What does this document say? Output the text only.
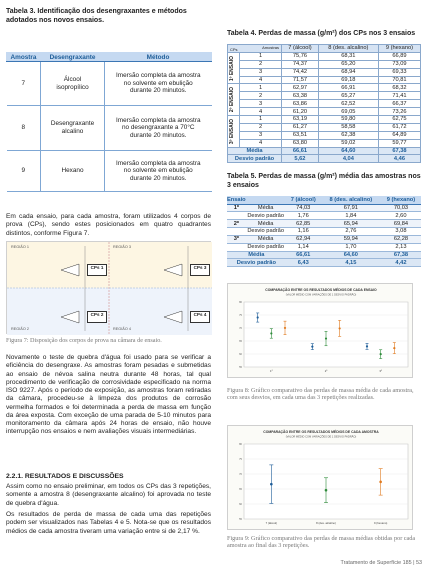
Tabela 3. Identificação dos desengraxantes e métodos adotados nos novos ensaios.
Amostra	Desengraxante	Método
7	Álcool isopropílico	Imersão completa da amostra no solvente em ebulição durante 20 minutos.
8	Desengraxante alcalino	Imersão completa da amostra no desengraxante a 70°C durante 20 minutos.
9	Hexano	Imersão completa da amostra no solvente em ebulição durante 20 minutos.
Em cada ensaio, para cada amostra, foram utilizados 4 corpos de prova (CPs), sendo estes posicionados em quatro quadrantes distintos, conforme Figura 7.
REGIÃO 1	REGIÃO 3
REGIÃO 2	REGIÃO 4
CPs 1	CPs 3
CPs 2	CPs 4
Figura 7: Disposição dos corpos de prova na câmara de ensaio.
Novamente o teste de quebra d'água foi usado para se verificar a eficiência do desengraxe. As amostras foram pesadas e submetidas ao ensaio de névoa salina neutra durante 48 horas, tal qual procedimento de verificação de corrosividade especificado na norma ISO 9227. Após o período de exposição, as amostras foram retiradas da câmara, procedeu-se à limpeza dos produtos de corrosão vermelha formados e foi determinada a perda de massa em função da área exposta. Com exceção de uma parada de 5-10 minutos para monitoramento da câmara após 24 horas de ensaio, não houve interrupção nos ensaios e nem avaliações visuais intermediárias.
2.2.1. RESULTADOS E DISCUSSÕES
Assim como no ensaio preliminar, em todos os CPs das 3 repetições, somente a amostra 8 (desengraxante alcalino) foi aprovada no teste de quebra d'água.
Os resultados de perda de massa de cada uma das repetições podem ser visualizados nas Tabelas 4 e 5. Nota-se que os resultados médios de cada amostra tiveram uma variação entre si de 2,17 %.
Tabela 4. Perdas de massa (g/m²) dos CPs nos 3 ensaios
Amostras
CPs		7 (álcool)	8 (des. alcalino)	9 (hexano)

1º ENSAIO	1	75,76	68,31	66,89
	2	74,37	65,20	73,09
	3	74,42	68,94	69,33
	4	71,57	69,18	70,81

2º ENSAIO	1	62,97	66,91	68,32
	2	63,38	65,27	71,41
	3	63,86	62,52	66,37
	4	61,20	69,05	73,26

3º ENSAIO	1	63,19	59,80	62,75
	2	61,27	58,58	61,72
	3	63,51	62,38	64,89
	4	63,80	59,02	59,77
Média		66,61	64,60	67,38
Desvio padrão		5,62	4,04	4,46
Tabela 5. Perdas de massa (g/m²) média das amostras nos 3 ensaios
Ensaio		7 (álcool)	8 (des. alcalino)	9 (hexano)
1º	Média	74,03	67,91	70,03
	Desvio padrão	1,76	1,84	2,60
2º	Média	62,85	65,94	69,84
	Desvio padrão	1,16	2,76	3,08
3º	Média	62,94	59,94	62,28
	Desvio padrão	1,14	1,70	2,13
Média		66,61	64,60	67,38
Desvio padrão		6,43	4,15	4,42
COMPARAÇÃO ENTRE OS RESULTADOS MÉDIOS DE CADA ENSAIO
(VALOR MÉDIO COM VARIAÇÕES DE 1 DESVIO PADRÃO)
55
60
65
70
75
80
1º	2º	3º
Figura 8: Gráfico comparativo das perdas de massa média de cada amostra, com seus desvios, em cada uma das 3 repetições realizadas.
COMPARAÇÃO ENTRE OS RESULTADOS MÉDIOS DE CADA AMOSTRA
(VALOR MÉDIO COM VARIAÇÕES DE 1 DESVIO PADRÃO)
55
60
65
70
75
80
7 (álcool)	8 (des. alcalino)	9 (hexano)
Figura 9: Gráfico comparativo das perdas de massa médias obtidas por cada amostra ao final das 3 repetições.
Tratamento de Superfície 185 | 53
